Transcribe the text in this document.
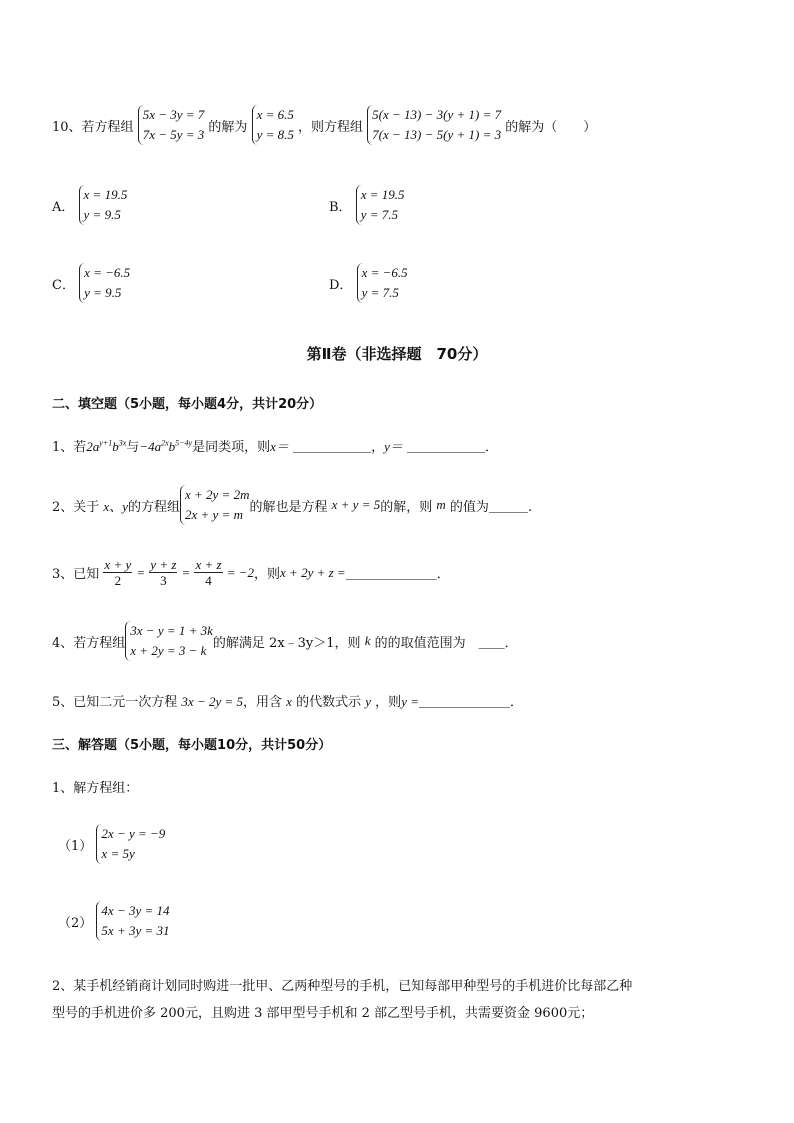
10、若方程组
5x − 3y = 7
7x − 5y = 3 的解为
x = 6.5
y = 8.5 ，则方程组
5(x − 13) − 3(y + 1) = 7
7(x − 13) − 5(y + 1) = 3 的解为（　　）
A．
x = 19.5
y = 9.5	B．
x = 19.5
y = 7.5
C．
x = −6.5
y = 9.5	D．
x = −6.5
y = 7.5
第Ⅱ卷（非选择题　70分）
二、填空题（5小题，每小题4分，共计20分）
1、若$2a^{y+1}b^{3x}$与$-4a^{2x}b^{5-4y}$是同类项，则x＝ ＿＿＿＿＿＿，y＝ ＿＿＿＿＿＿．
2、关于 x、y的方程组
x + 2y = 2m
2x + y = m 的解也是方程 x + y = 5的解，则 m 的值为＿＿＿.
3、已知 $\frac{x + y}{2} = \frac{y + z}{3} = \frac{x + z}{4} = -2$，则x + 2y + z =＿＿＿＿＿＿＿．
4、若方程组
3x − y = 1 + 3k
x + 2y = 3 − k 的解满足 2x﹣3y＞1，则 k 的的取值范围为　＿＿．
5、已知二元一次方程 3x − 2y = 5，用含 x 的代数式示 y ，则y =＿＿＿＿＿＿＿．
三、解答题（5小题，每小题10分，共计50分）
1、解方程组：
（1）
2x − y = −9
x = 5y
（2）
4x − 3y = 14
5x + 3y = 31
2、某手机经销商计划同时购进一批甲、乙两种型号的手机，已知每部甲种型号的手机进价比每部乙种
型号的手机进价多 200元，且购进 3 部甲型号手机和 2 部乙型号手机，共需要资金 9600元；
